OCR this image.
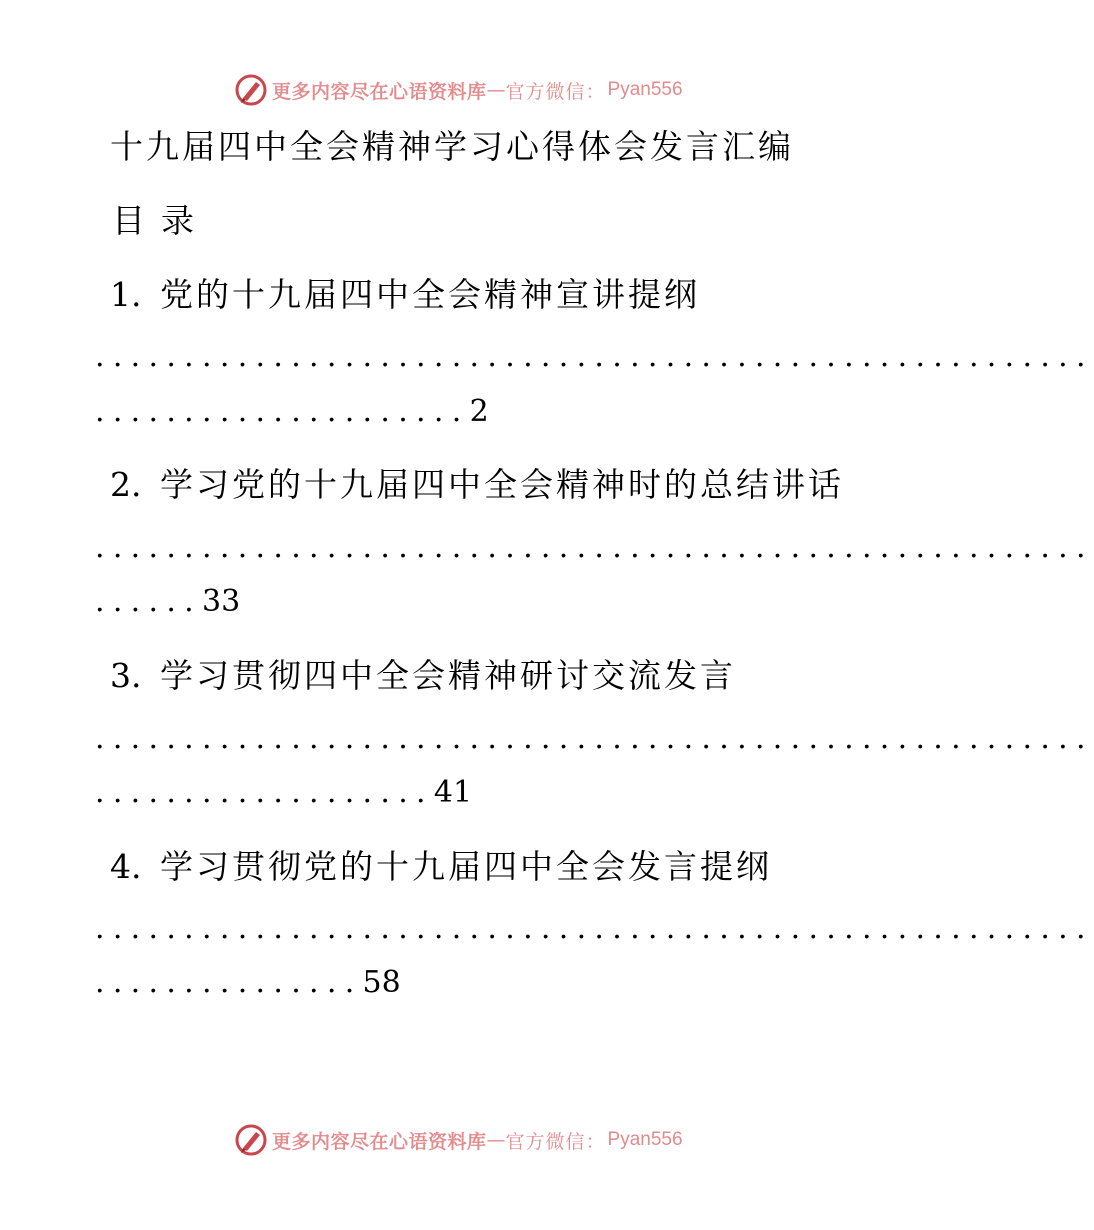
更多内容尽在心语资料库 — 官方微信： Pyan556
十九届四中全会精神学习心得体会发言汇编
目录
1. 党的十九届四中全会精神宣讲提纲
........................................................
.....................2
2. 学习党的十九届四中全会精神时的总结讲话
........................................................
......33
3. 学习贯彻四中全会精神研讨交流发言
........................................................
...................41
4. 学习贯彻党的十九届四中全会发言提纲
........................................................
...............58
更多内容尽在心语资料库 — 官方微信： Pyan556
